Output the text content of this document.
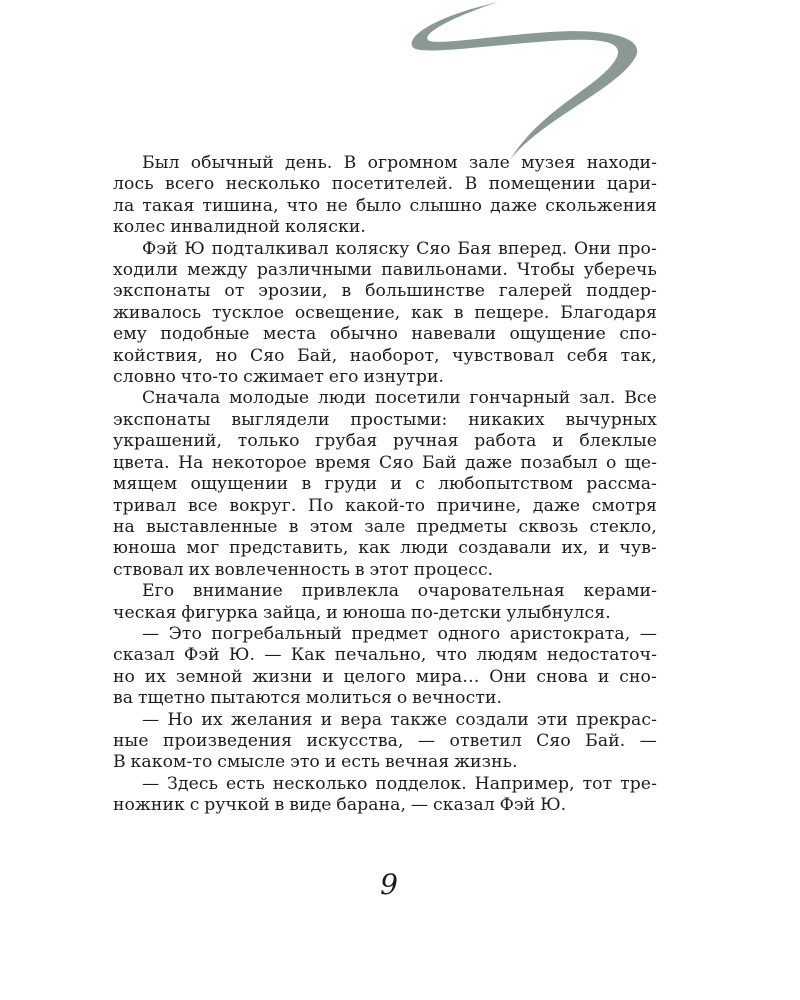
Был обычный день. В огромном зале музея находи-
лось всего несколько посетителей. В помещении цари-
ла такая тишина, что не было слышно даже скольжения
колес инвалидной коляски.
Фэй Ю подталкивал коляску Сяо Бая вперед. Они про-
ходили между различными павильонами. Чтобы уберечь
экспонаты от эрозии, в большинстве галерей поддер-
живалось тусклое освещение, как в пещере. Благодаря
ему подобные места обычно навевали ощущение спо-
койствия, но Сяо Бай, наоборот, чувствовал себя так,
словно что-то сжимает его изнутри.
Сначала молодые люди посетили гончарный зал. Все
экспонаты выглядели простыми: никаких вычурных
украшений, только грубая ручная работа и блеклые
цвета. На некоторое время Сяо Бай даже позабыл о ще-
мящем ощущении в груди и с любопытством рассма-
тривал все вокруг. По какой-то причине, даже смотря
на выставленные в этом зале предметы сквозь стекло,
юноша мог представить, как люди создавали их, и чув-
ствовал их вовлеченность в этот процесс.
Его внимание привлекла очаровательная керами-
ческая фигурка зайца, и юноша по-детски улыбнулся.
— Это погребальный предмет одного аристократа, —
сказал Фэй Ю. — Как печально, что людям недостаточ-
но их земной жизни и целого мира… Они снова и сно-
ва тщетно пытаются молиться о вечности.
— Но их желания и вера также создали эти прекрас-
ные произведения искусства, — ответил Сяо Бай. —
В каком-то смысле это и есть вечная жизнь.
— Здесь есть несколько подделок. Например, тот тре-
ножник с ручкой в виде барана, — сказал Фэй Ю.
9
